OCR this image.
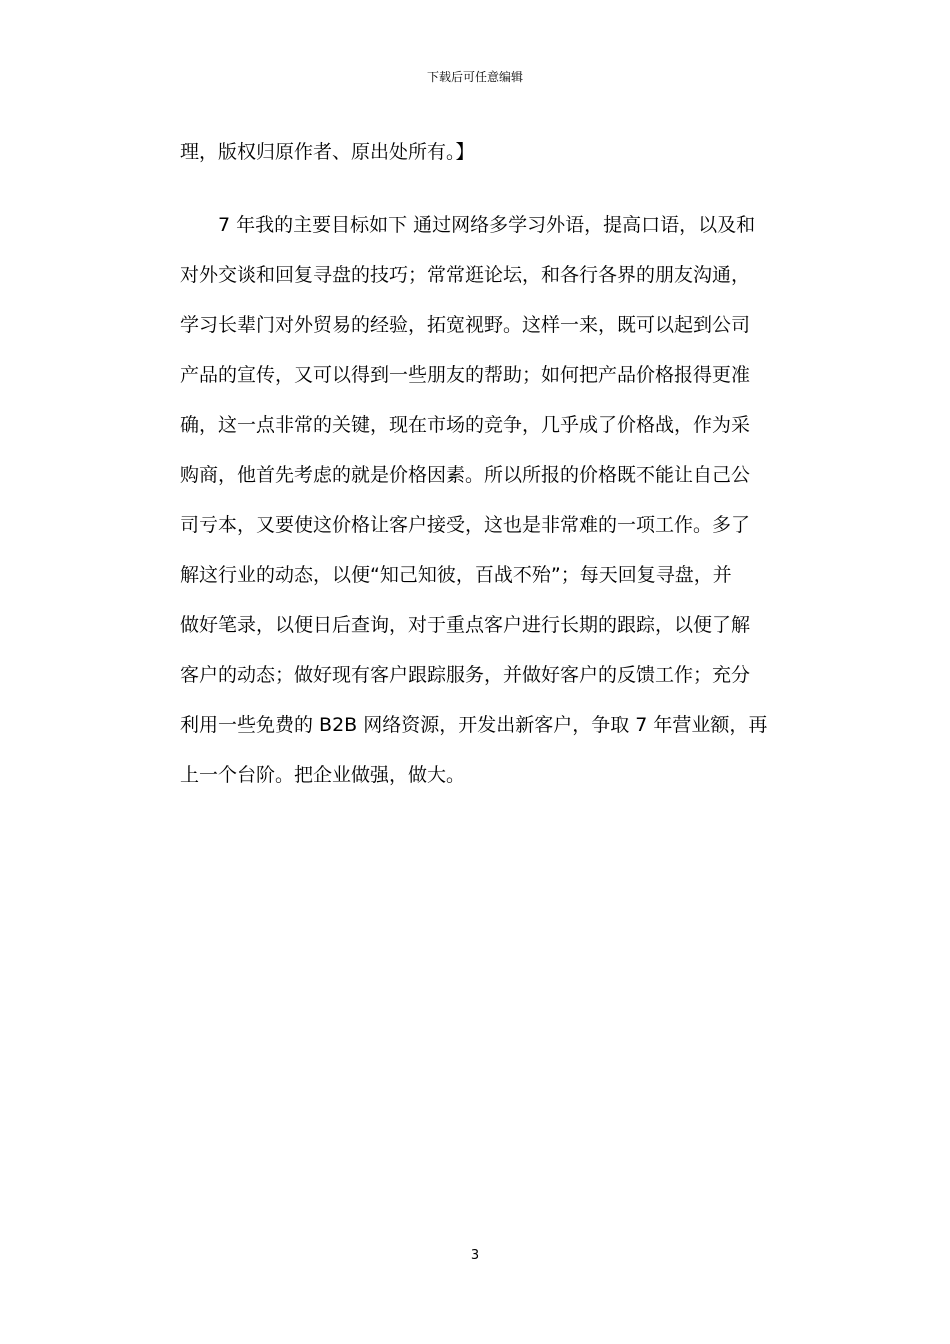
下载后可任意编辑
理，版权归原作者、原出处所有。】
7 年我的主要目标如下 通过网络多学习外语，提高口语，以及和
对外交谈和回复寻盘的技巧；常常逛论坛，和各行各界的朋友沟通，
学习长辈门对外贸易的经验，拓宽视野。这样一来，既可以起到公司
产品的宣传，又可以得到一些朋友的帮助；如何把产品价格报得更准
确，这一点非常的关键，现在市场的竞争，几乎成了价格战，作为采
购商，他首先考虑的就是价格因素。所以所报的价格既不能让自己公
司亏本，又要使这价格让客户接受，这也是非常难的一项工作。多了
解这行业的动态，以便“知己知彼，百战不殆”；每天回复寻盘，并
做好笔录，以便日后查询，对于重点客户进行长期的跟踪，以便了解
客户的动态；做好现有客户跟踪服务，并做好客户的反馈工作；充分
利用一些免费的 B2B 网络资源，开发出新客户，争取 7 年营业额，再
上一个台阶。把企业做强，做大。
3
